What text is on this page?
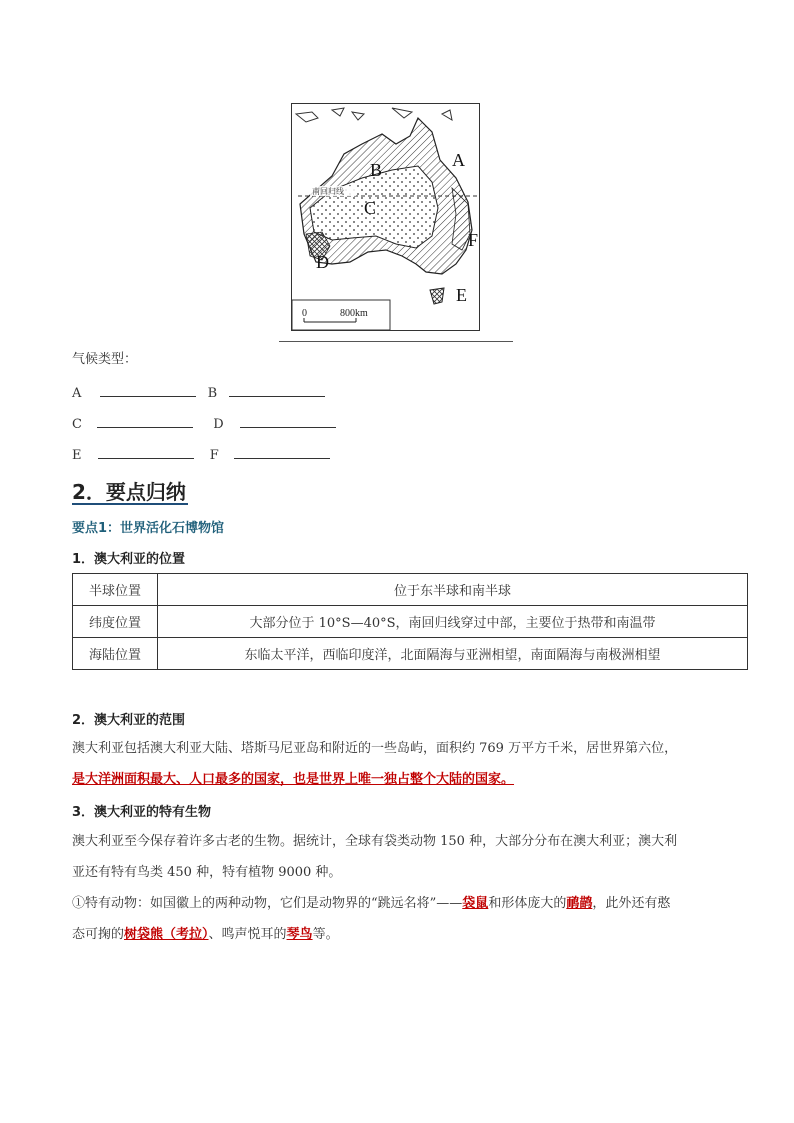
南回归线
B	A
C
F
D
E
0	800km
气候类型：
A	B
C	D
E	F
2．要点归纳
要点1：世界活化石博物馆
1．澳大利亚的位置
半球位置	位于东半球和南半球
纬度位置	大部分位于 10°S—40°S，南回归线穿过中部，主要位于热带和南温带
海陆位置	东临太平洋，西临印度洋，北面隔海与亚洲相望，南面隔海与南极洲相望
2．澳大利亚的范围
澳大利亚包括澳大利亚大陆、塔斯马尼亚岛和附近的一些岛屿，面积约 769 万平方千米，居世界第六位，
是大洋洲面积最大、人口最多的国家，也是世界上唯一独占整个大陆的国家。
3．澳大利亚的特有生物
澳大利亚至今保存着许多古老的生物。据统计，全球有袋类动物 150 种，大部分分布在澳大利亚；澳大利
亚还有特有鸟类 450 种，特有植物 9000 种。
①特有动物：如国徽上的两种动物，它们是动物界的“跳远名将”——袋鼠和形体庞大的鸸鹋，此外还有憨
态可掬的树袋熊（考拉）、鸣声悦耳的琴鸟等。
